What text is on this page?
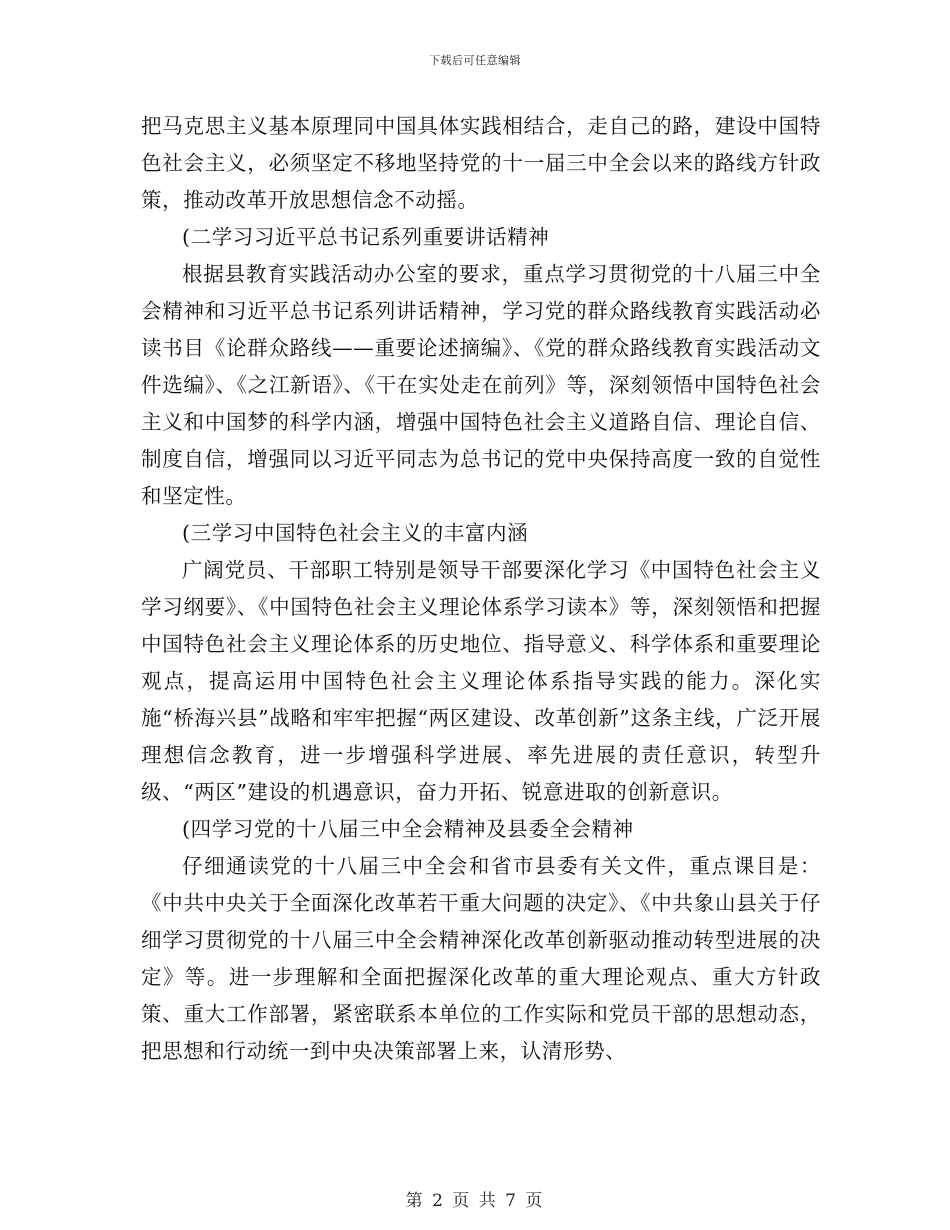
下载后可任意编辑

把马克思主义基本原理同中国具体实践相结合，走自己的路，建设中国特色社会主义，必须坚定不移地坚持党的十一届三中全会以来的路线方针政策，推动改革开放思想信念不动摇。

(二学习习近平总书记系列重要讲话精神

根据县教育实践活动办公室的要求，重点学习贯彻党的十八届三中全会精神和习近平总书记系列讲话精神，学习党的群众路线教育实践活动必读书目《论群众路线——重要论述摘编》、《党的群众路线教育实践活动文件选编》、《之江新语》、《干在实处走在前列》等，深刻领悟中国特色社会主义和中国梦的科学内涵，增强中国特色社会主义道路自信、理论自信、制度自信，增强同以习近平同志为总书记的党中央保持高度一致的自觉性和坚定性。

(三学习中国特色社会主义的丰富内涵

广阔党员、干部职工特别是领导干部要深化学习《中国特色社会主义学习纲要》、《中国特色社会主义理论体系学习读本》等，深刻领悟和把握中国特色社会主义理论体系的历史地位、指导意义、科学体系和重要理论观点，提高运用中国特色社会主义理论体系指导实践的能力。深化实施“桥海兴县”战略和牢牢把握“两区建设、改革创新”这条主线，广泛开展理想信念教育，进一步增强科学进展、率先进展的责任意识，转型升级、“两区”建设的机遇意识，奋力开拓、锐意进取的创新意识。

(四学习党的十八届三中全会精神及县委全会精神

仔细通读党的十八届三中全会和省市县委有关文件，重点课目是：《中共中央关于全面深化改革若干重大问题的决定》、《中共象山县关于仔细学习贯彻党的十八届三中全会精神深化改革创新驱动推动转型进展的决定》等。进一步理解和全面把握深化改革的重大理论观点、重大方针政策、重大工作部署，紧密联系本单位的工作实际和党员干部的思想动态，把思想和行动统一到中央决策部署上来，认清形势、

第 2 页 共 7 页
